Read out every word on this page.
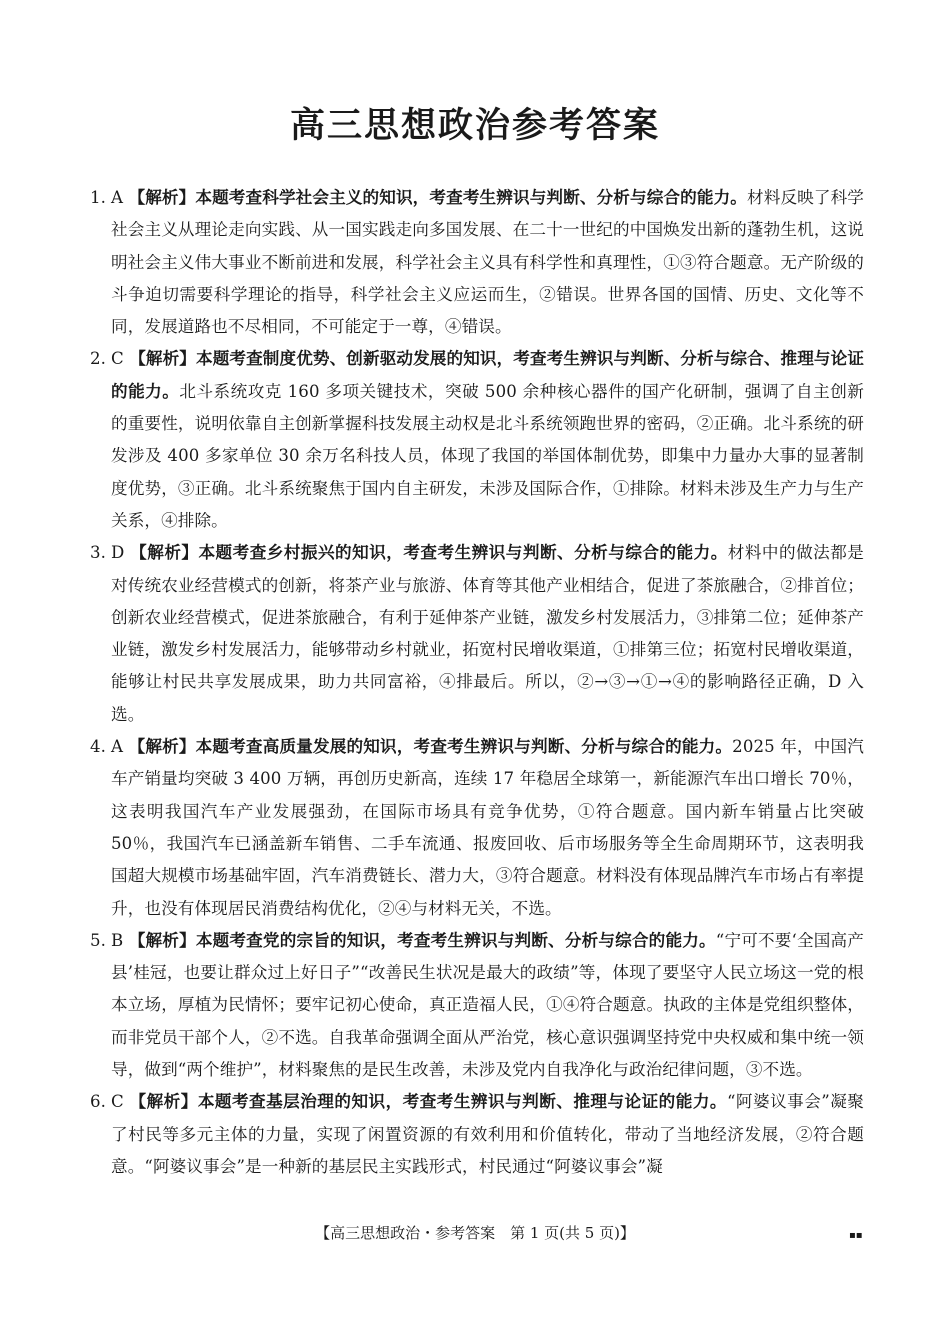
高三思想政治参考答案
1. A 【解析】本题考查科学社会主义的知识，考查考生辨识与判断、分析与综合的能力。材料反映了科学社会主义从理论走向实践、从一国实践走向多国发展、在二十一世纪的中国焕发出新的蓬勃生机，这说明社会主义伟大事业不断前进和发展，科学社会主义具有科学性和真理性，①③符合题意。无产阶级的斗争迫切需要科学理论的指导，科学社会主义应运而生，②错误。世界各国的国情、历史、文化等不同，发展道路也不尽相同，不可能定于一尊，④错误。
2. C 【解析】本题考查制度优势、创新驱动发展的知识，考查考生辨识与判断、分析与综合、推理与论证的能力。北斗系统攻克 160 多项关键技术，突破 500 余种核心器件的国产化研制，强调了自主创新的重要性，说明依靠自主创新掌握科技发展主动权是北斗系统领跑世界的密码，②正确。北斗系统的研发涉及 400 多家单位 30 余万名科技人员，体现了我国的举国体制优势，即集中力量办大事的显著制度优势，③正确。北斗系统聚焦于国内自主研发，未涉及国际合作，①排除。材料未涉及生产力与生产关系，④排除。
3. D 【解析】本题考查乡村振兴的知识，考查考生辨识与判断、分析与综合的能力。材料中的做法都是对传统农业经营模式的创新，将茶产业与旅游、体育等其他产业相结合，促进了茶旅融合，②排首位；创新农业经营模式，促进茶旅融合，有利于延伸茶产业链，激发乡村发展活力，③排第二位；延伸茶产业链，激发乡村发展活力，能够带动乡村就业，拓宽村民增收渠道，①排第三位；拓宽村民增收渠道，能够让村民共享发展成果，助力共同富裕，④排最后。所以，②→③→①→④的影响路径正确，D 入选。
4. A 【解析】本题考查高质量发展的知识，考查考生辨识与判断、分析与综合的能力。2025 年，中国汽车产销量均突破 3 400 万辆，再创历史新高，连续 17 年稳居全球第一，新能源汽车出口增长 70％，这表明我国汽车产业发展强劲，在国际市场具有竞争优势，①符合题意。国内新车销量占比突破 50％，我国汽车已涵盖新车销售、二手车流通、报废回收、后市场服务等全生命周期环节，这表明我国超大规模市场基础牢固，汽车消费链长、潜力大，③符合题意。材料没有体现品牌汽车市场占有率提升，也没有体现居民消费结构优化，②④与材料无关，不选。
5. B 【解析】本题考查党的宗旨的知识，考查考生辨识与判断、分析与综合的能力。“宁可不要‘全国高产县’桂冠，也要让群众过上好日子”“改善民生状况是最大的政绩”等，体现了要坚守人民立场这一党的根本立场，厚植为民情怀；要牢记初心使命，真正造福人民，①④符合题意。执政的主体是党组织整体，而非党员干部个人，②不选。自我革命强调全面从严治党，核心意识强调坚持党中央权威和集中统一领导，做到“两个维护”，材料聚焦的是民生改善，未涉及党内自我净化与政治纪律问题，③不选。
6. C 【解析】本题考查基层治理的知识，考查考生辨识与判断、推理与论证的能力。“阿婆议事会”凝聚了村民等多元主体的力量，实现了闲置资源的有效利用和价值转化，带动了当地经济发展，②符合题意。“阿婆议事会”是一种新的基层民主实践形式，村民通过“阿婆议事会”凝
【高三思想政治・参考答案　第 1 页(共 5 页)】	▪▪
